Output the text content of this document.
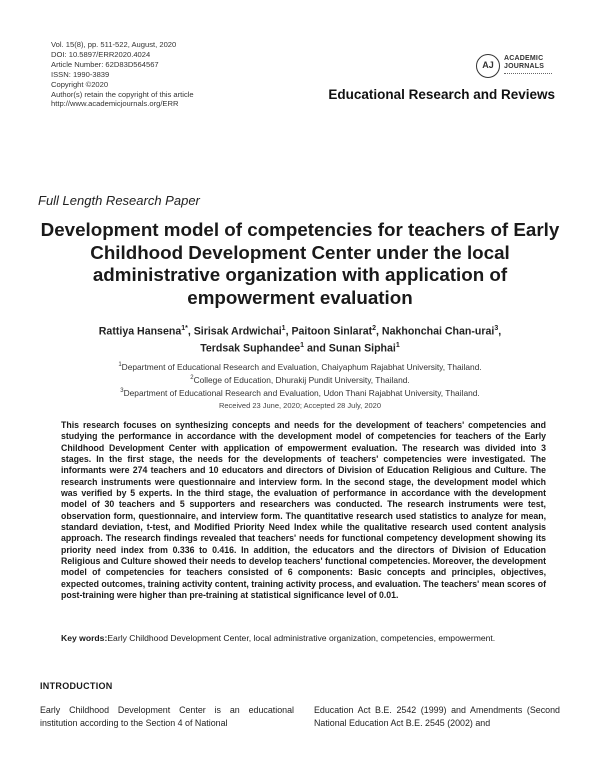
Vol. 15(8), pp. 511-522, August, 2020
DOI: 10.5897/ERR2020.4024
Article Number: 62D83D564567
ISSN: 1990-3839
Copyright ©2020
Author(s) retain the copyright of this article
http://www.academicjournals.org/ERR
AJ
ACADEMIC
JOURNALS
Educational Research and Reviews
Full Length Research Paper
Development model of competencies for teachers of Early Childhood Development Center under the local administrative organization with application of empowerment evaluation
Rattiya Hansena$^{1*}$, Sirisak Ardwichai$^1$, Paitoon Sinlarat$^2$, Nakhonchai Chan-urai$^3$,
Terdsak Suphandee$^1$ and Sunan Siphai$^1$
$^1$Department of Educational Research and Evaluation, Chaiyaphum Rajabhat University, Thailand.
$^2$College of Education, Dhurakij Pundit University, Thailand.
$^3$Department of Educational Research and Evaluation, Udon Thani Rajabhat University, Thailand.
Received 23 June, 2020; Accepted 28 July, 2020

This research focuses on synthesizing concepts and needs for the development of teachers' competencies and studying the performance in accordance with the development model of competencies for teachers of the Early Childhood Development Center with application of empowerment evaluation. The research was divided into 3 stages. In the first stage, the needs for the developments of teachers' competencies were investigated. The informants were 274 teachers and 10 educators and directors of Division of Education Religious and Culture. The research instruments were questionnaire and interview form. In the second stage, the development model which was verified by 5 experts. In the third stage, the evaluation of performance in accordance with the development model of 30 teachers and 5 supporters and researchers was conducted. The research instruments were test, observation form, questionnaire, and interview form. The quantitative research used statistics to analyze for mean, standard deviation, t-test, and Modified Priority Need Index while the qualitative research used content analysis approach. The research findings revealed that teachers' needs for functional competency development showing its priority need index from 0.336 to 0.416. In addition, the educators and the directors of Division of Education Religious and Culture showed their needs to develop teachers' functional competencies. Moreover, the development model of competencies for teachers consisted of 6 components: Basic concepts and principles, objectives, expected outcomes, training activity content, training activity process, and evaluation. The teachers' mean scores of post-training were higher than pre-training at statistical significance level of 0.01.

Key words:Early Childhood Development Center, local administrative organization, competencies, empowerment.

INTRODUCTION

Early Childhood Development Center is an educational institution according to the Section 4 of National

Education Act B.E. 2542 (1999) and Amendments (Second National Education Act B.E. 2545 (2002) and
